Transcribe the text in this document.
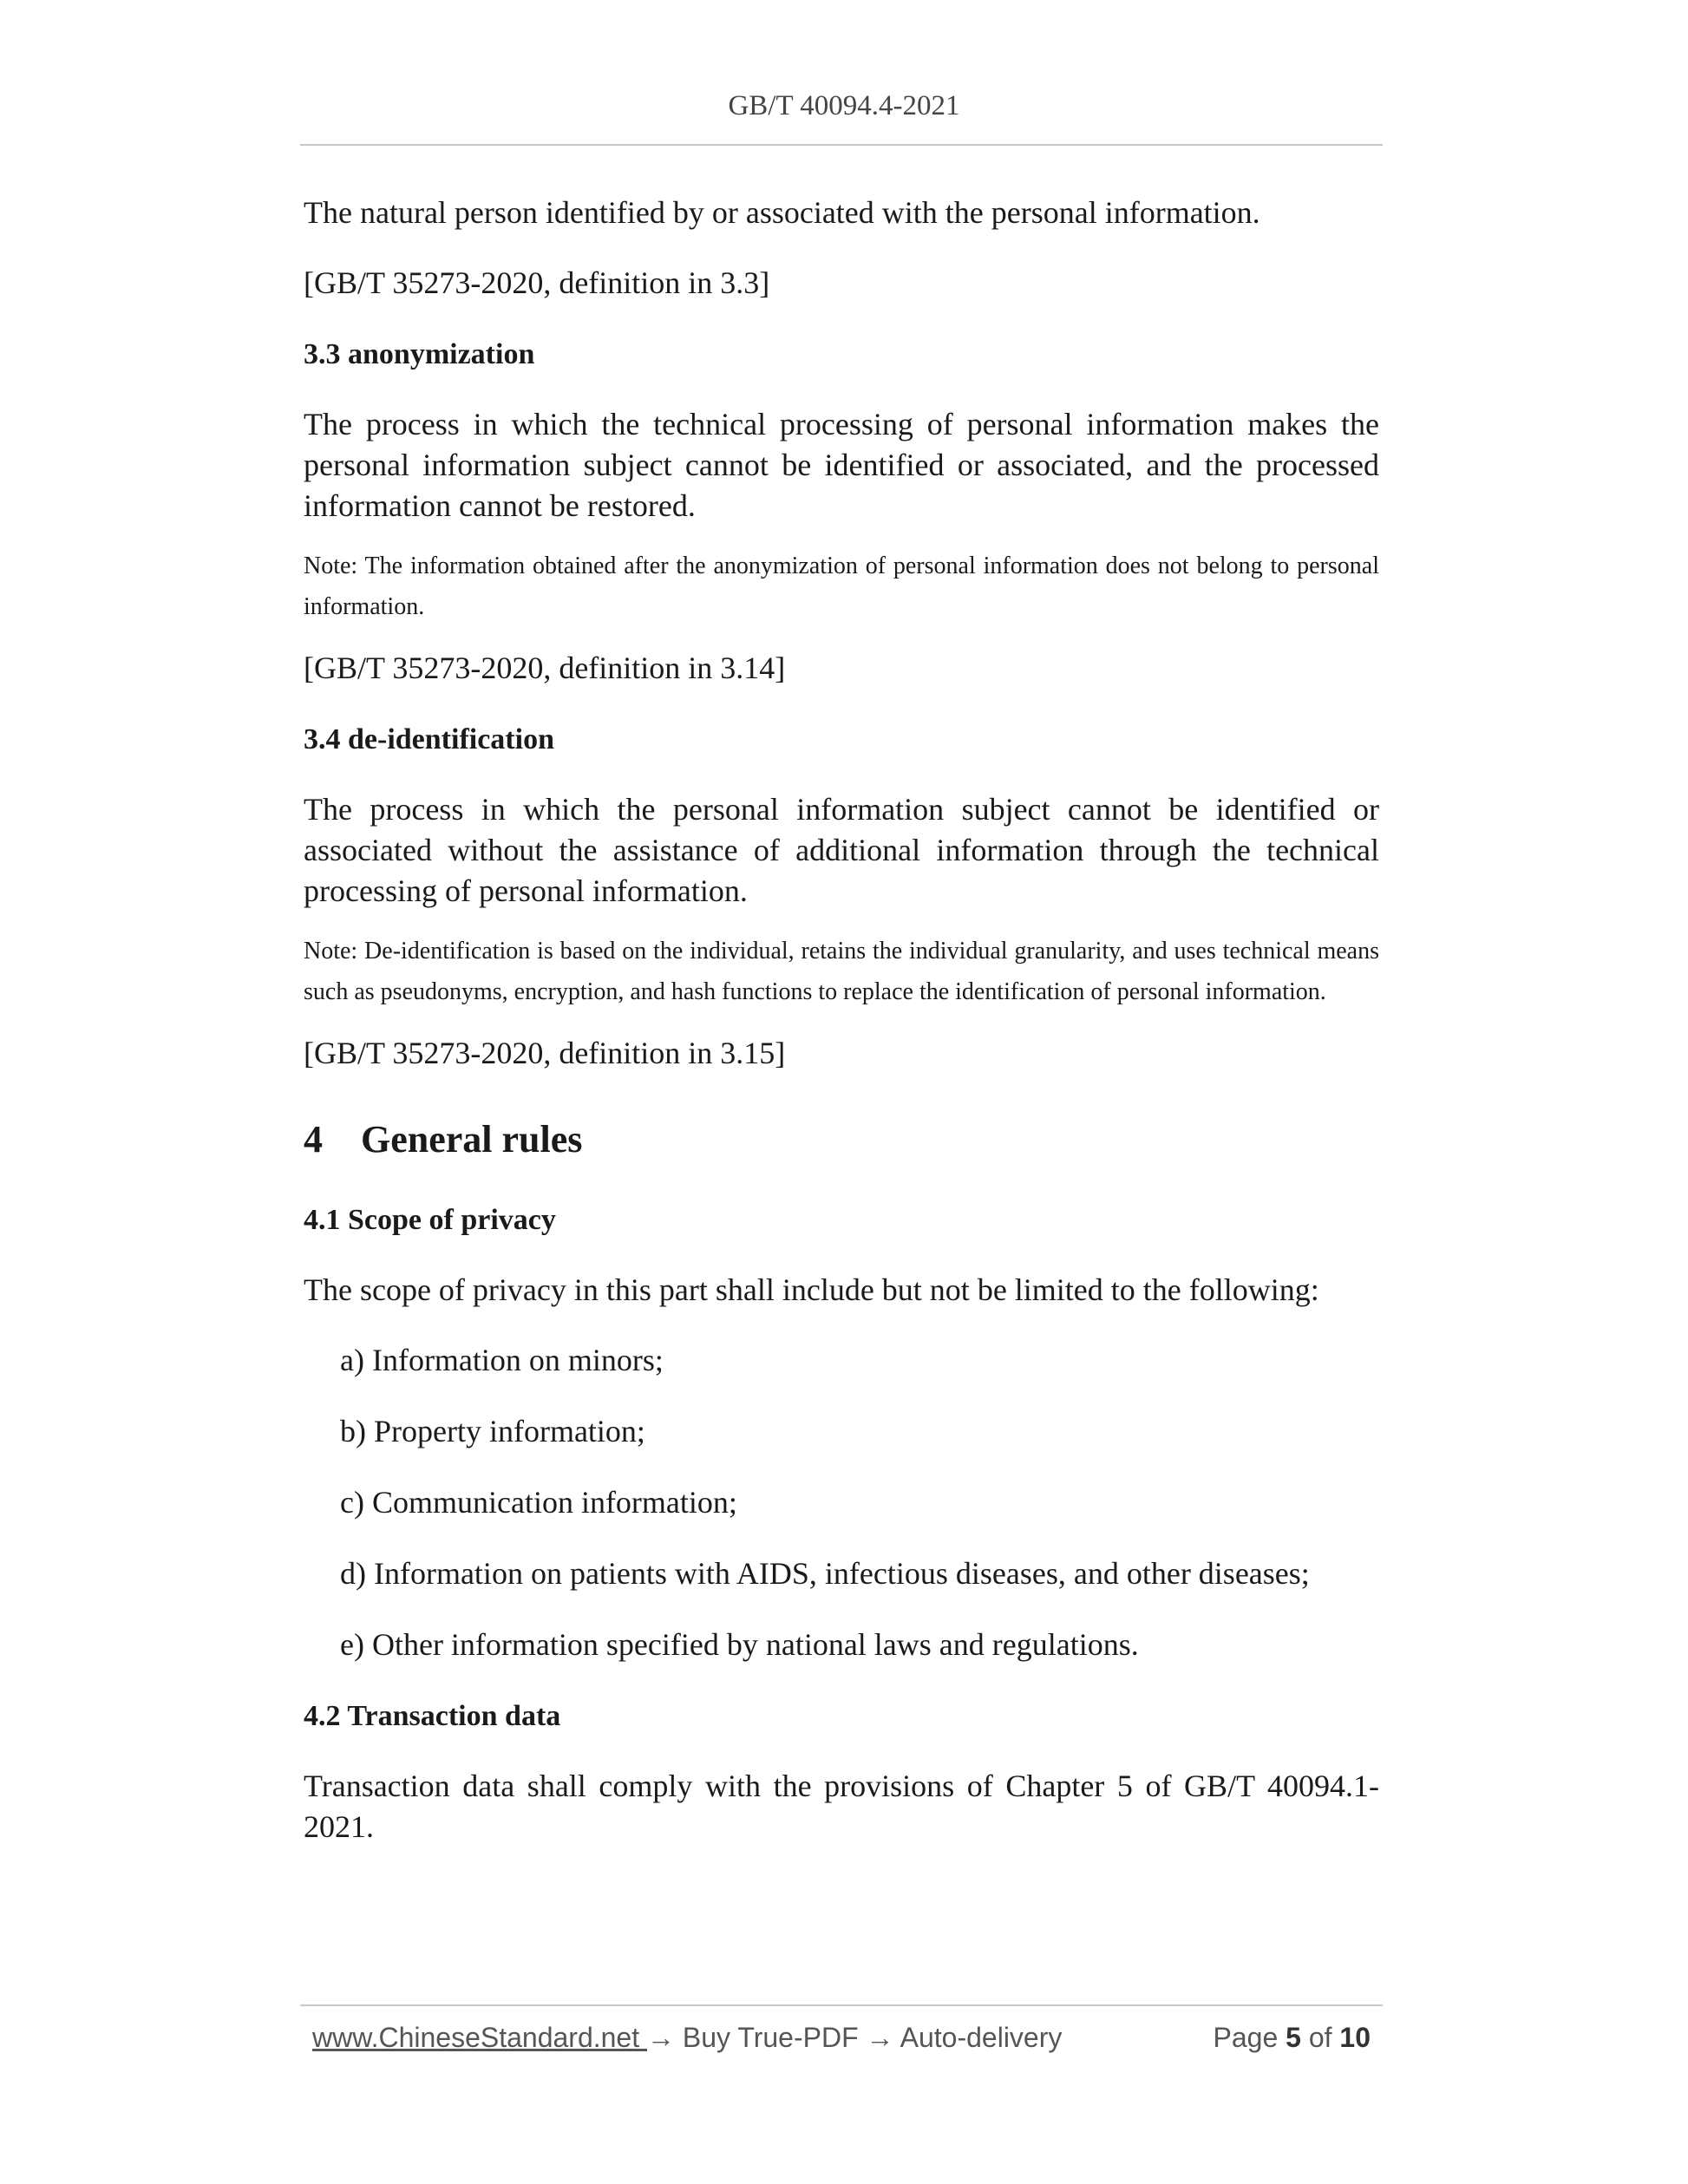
GB/T 40094.4-2021

The natural person identified by or associated with the personal information.

[GB/T 35273-2020, definition in 3.3]

3.3 anonymization

The process in which the technical processing of personal information makes the personal information subject cannot be identified or associated, and the processed information cannot be restored.

Note: The information obtained after the anonymization of personal information does not belong to personal information.

[GB/T 35273-2020, definition in 3.14]

3.4 de-identification

The process in which the personal information subject cannot be identified or associated without the assistance of additional information through the technical processing of personal information.

Note: De-identification is based on the individual, retains the individual granularity, and uses technical means such as pseudonyms, encryption, and hash functions to replace the identification of personal information.

[GB/T 35273-2020, definition in 3.15]

4 General rules
4.1 Scope of privacy

The scope of privacy in this part shall include but not be limited to the following:

a) Information on minors;
b) Property information;
c) Communication information;
d) Information on patients with AIDS, infectious diseases, and other diseases;
e) Other information specified by national laws and regulations.
4.2 Transaction data

Transaction data shall comply with the provisions of Chapter 5 of GB/T 40094.1-2021.

www.ChineseStandard.net → Buy True-PDF → Auto-delivery	Page 5 of 10
